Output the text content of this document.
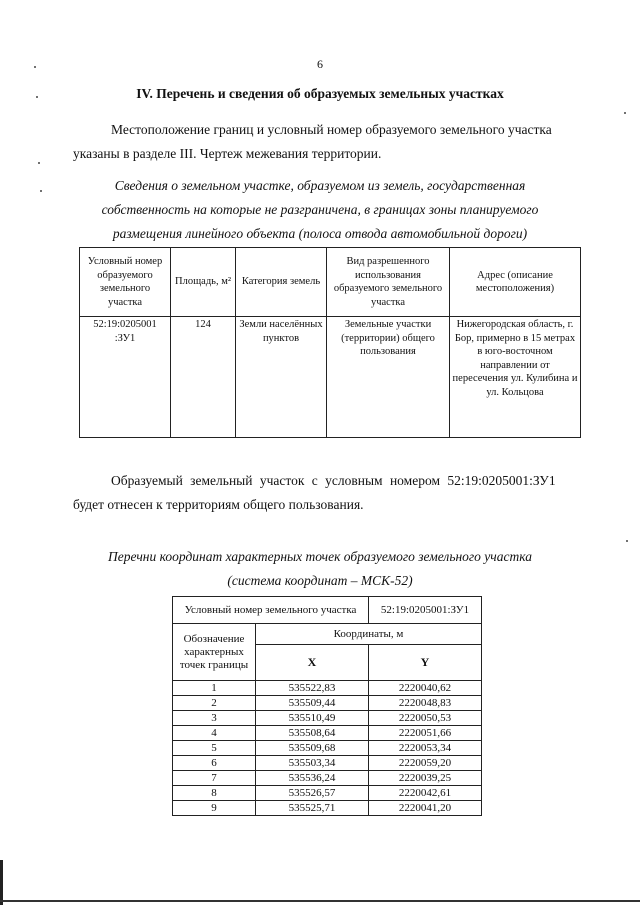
6
IV. Перечень и сведения об образуемых земельных участках
Местоположение границ и условный номер образуемого земельного участка
указаны в разделе III. Чертеж межевания территории.
Сведения о земельном участке, образуемом из земель, государственная
собственность на которые не разграничена, в границах зоны планируемого
размещения линейного объекта (полоса отвода автомобильной дороги)
Условный номер образуемого земельного участка	Площадь, м²	Категория земель	Вид разрешенного использования образуемого земельного участка	Адрес (описание местоположения)
52:19:0205001 :ЗУ1	124	Земли населённых пунктов	Земельные участки (территории) общего пользования	Нижегородская область, г. Бор, примерно в 15 метрах в юго-восточном направлении от пересечения ул. Кулибина и ул. Кольцова
Образуемый земельный участок с условным номером 52:19:0205001:ЗУ1
будет отнесен к территориям общего пользования.
Перечни координат характерных точек образуемого земельного участка
(система координат – МСК-52)
Условный номер земельного участка		52:19:0205001:ЗУ1
Обозначение характерных точек границы	Координаты, м	
	X	Y
1	535522,83	2220040,62
2	535509,44	2220048,83
3	535510,49	2220050,53
4	535508,64	2220051,66
5	535509,68	2220053,34
6	535503,34	2220059,20
7	535536,24	2220039,25
8	535526,57	2220042,61
9	535525,71	2220041,20
